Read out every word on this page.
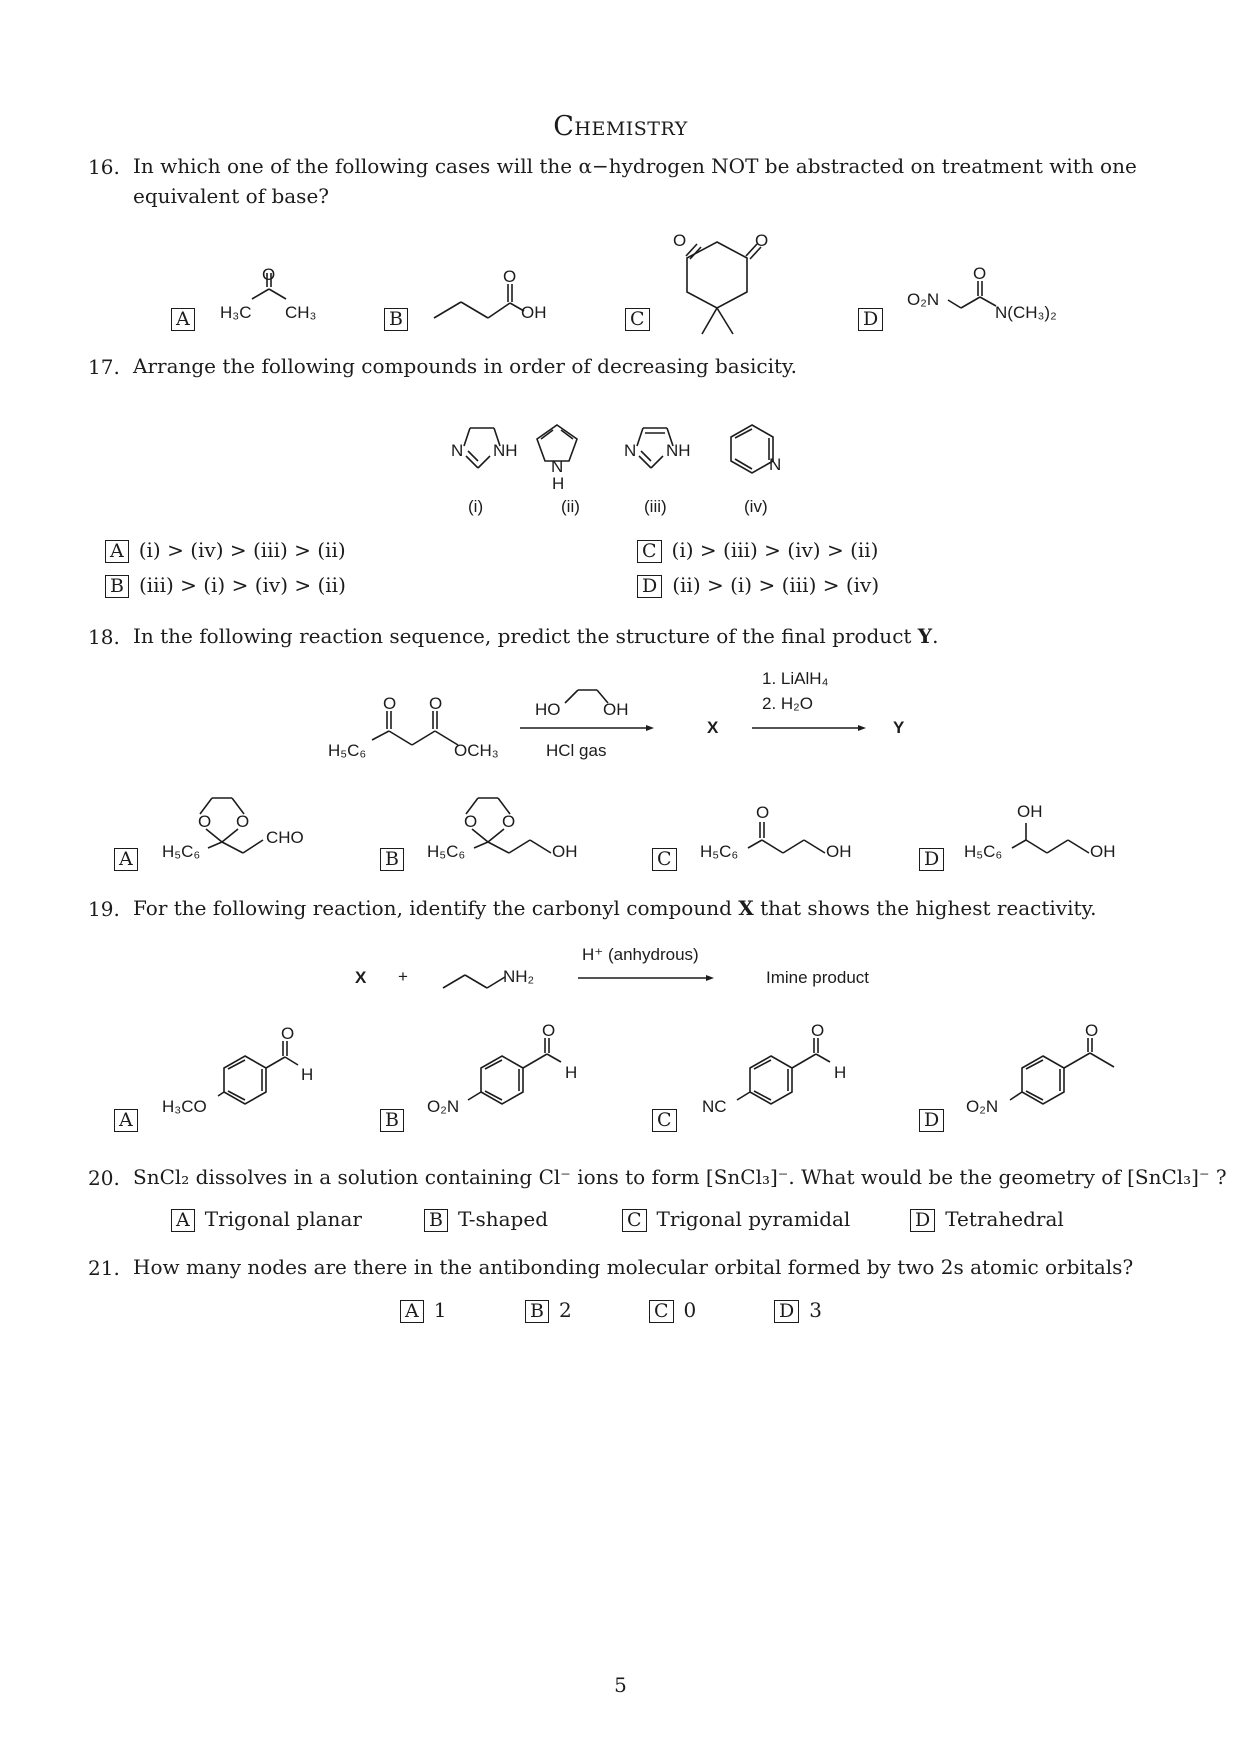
Chemistry
16. In which one of the following cases will the α−hydrogen NOT be abstracted on treatment with one equivalent of base?
O
H₃C CH₃
O
OH
O	O
O
O₂N
N(CH₃)₂
A	B	C	D
17. Arrange the following compounds in order of decreasing basicity.
N NH
N
H
N NH
N
(i)	(ii)	(iii)	(iv)
A (i) > (iv) > (iii) > (ii)
B (iii) > (i) > (iv) > (ii)
C (i) > (iii) > (iv) > (ii)
D (ii) > (i) > (iii) > (iv)
18. In the following reaction sequence, predict the structure of the final product Y.
O O
H₅C₆	OCH₃
HO	OH
HCl gas
X
1. LiAlH₄
2. H₂O
Y
O O
H₅C₆
CHO
O O
H₅C₆	OH
O
H₅C₆	OH
OH
H₅C₆	OH
A	B	C	D
19. For the following reaction, identify the carbonyl compound X that shows the highest reactivity.
X +	NH₂
H⁺ (anhydrous)
Imine product
O
H
H₃CO
O
H
O₂N
O
H
NC
O
O₂N
A	B	C	D
20. SnCl₂ dissolves in a solution containing Cl⁻ ions to form [SnCl₃]⁻. What would be the geometry of [SnCl₃]⁻ ?
A Trigonal planar	B T-shaped	C Trigonal pyramidal	D Tetrahedral
21. How many nodes are there in the antibonding molecular orbital formed by two 2s atomic orbitals?
A 1	B 2	C 0	D 3
5
